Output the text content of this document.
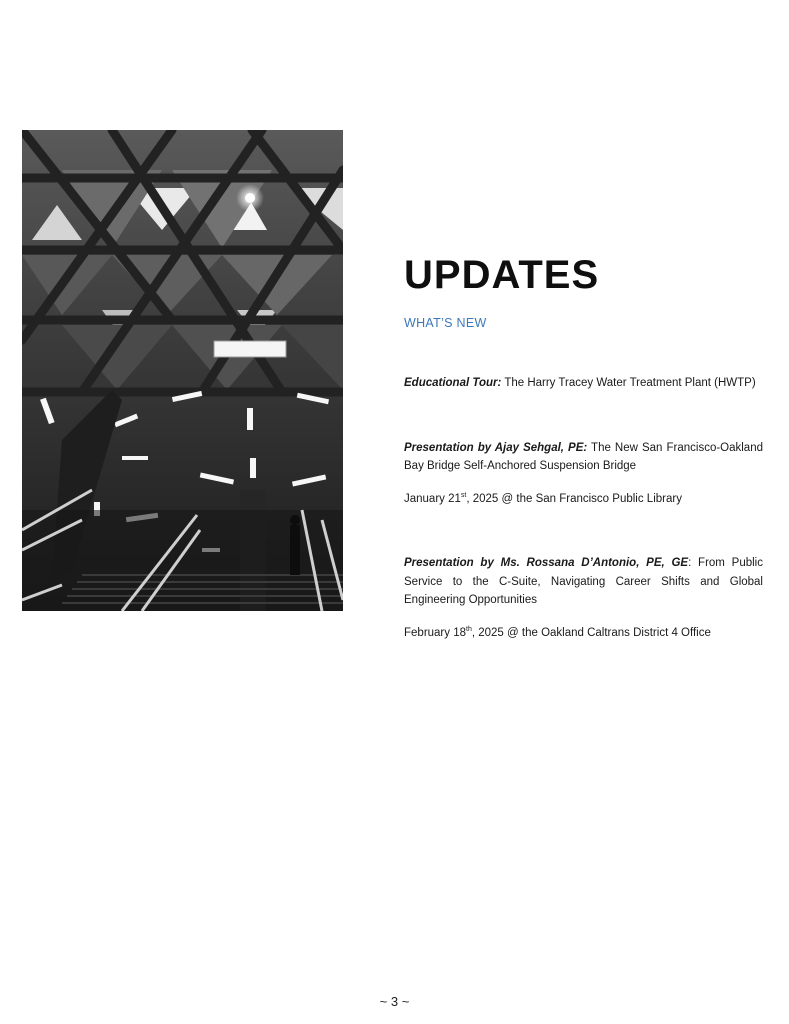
UPDATES
WHAT’S NEW
Educational Tour: The Harry Tracey Water Treatment Plant (HWTP)
Presentation by Ajay Sehgal, PE: The New San Francisco-Oakland Bay Bridge Self-Anchored Suspension Bridge
January 21st, 2025 @ the San Francisco Public Library
Presentation by Ms. Rossana D’Antonio, PE, GE: From Public Service to the C-Suite, Navigating Career Shifts and Global Engineering Opportunities
February 18th, 2025 @ the Oakland Caltrans District 4 Office
~ 3 ~
